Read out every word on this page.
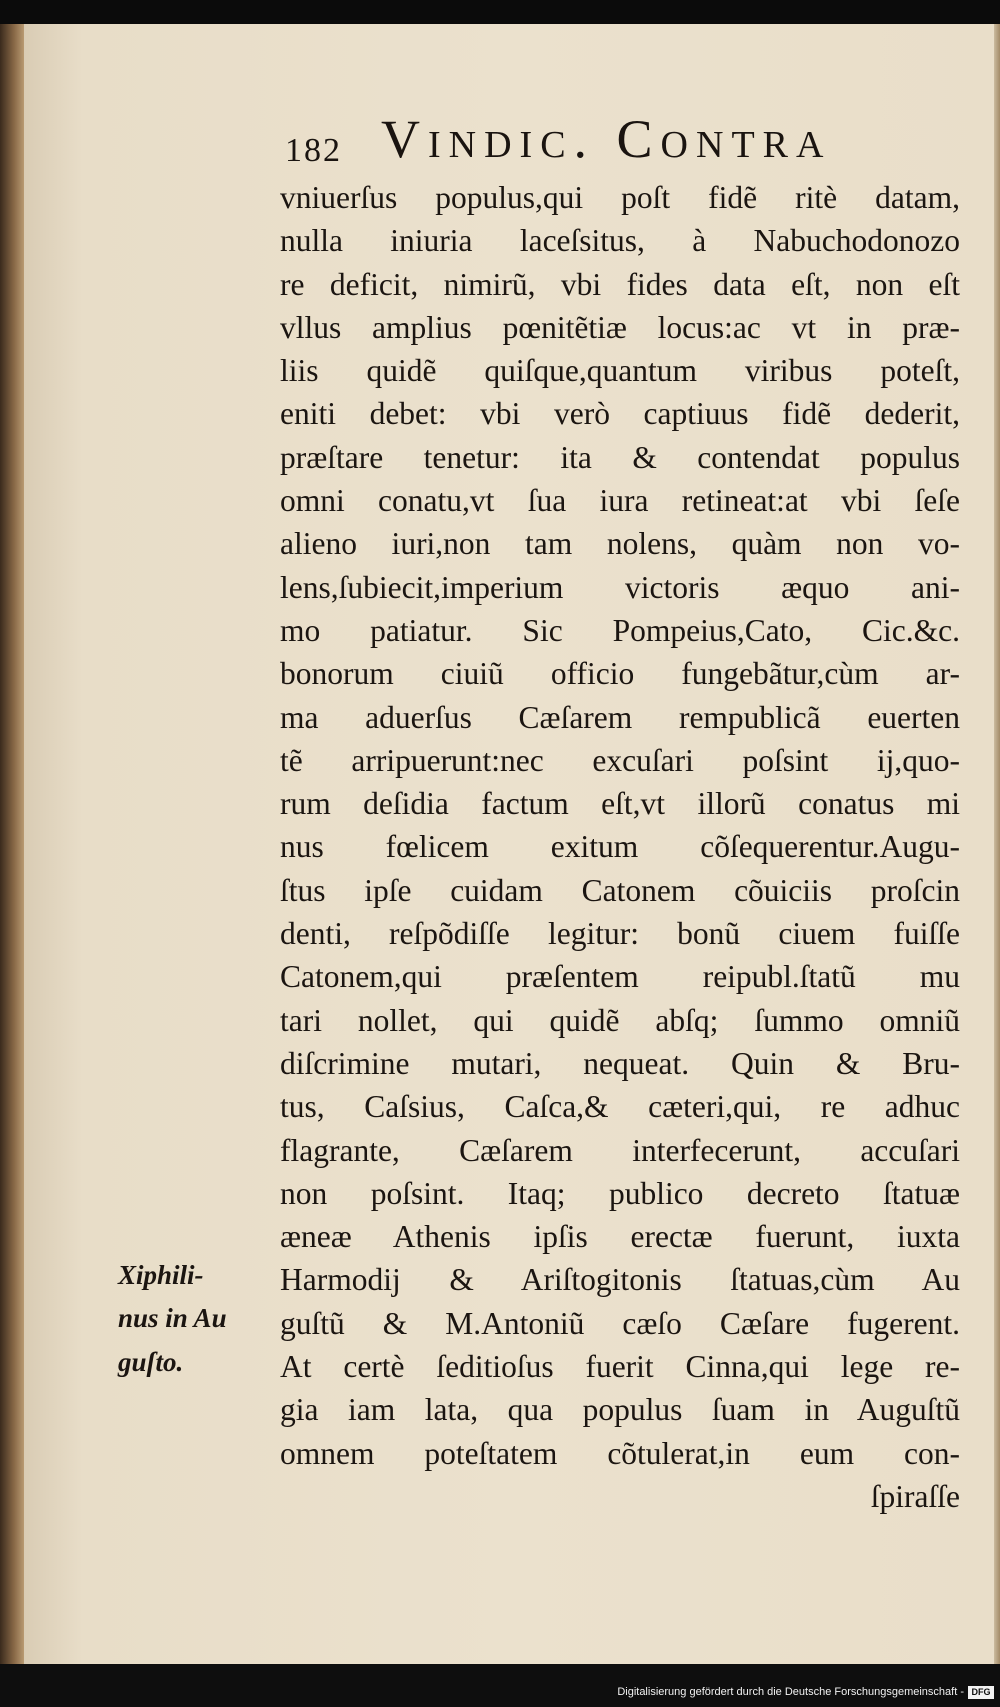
182 Vindic. Contra
vniuerſus populus,qui poſt fidẽ ritè datam,
nulla iniuria laceſsitus, à Nabuchodonozo
re deficit, nimirũ, vbi fides data eſt, non eſt
vllus amplius pœnitẽtiæ locus:ac vt in præ-
liis quidẽ quiſque,quantum viribus poteſt,
eniti debet: vbi verò captiuus fidẽ dederit,
præſtare tenetur: ita & contendat populus
omni conatu,vt ſua iura retineat:at vbi ſeſe
alieno iuri,non tam nolens, quàm non vo-
lens,ſubiecit,imperium victoris æquo ani-
mo patiatur. Sic Pompeius,Cato, Cic.&c.
bonorum ciuiũ officio fungebãtur,cùm ar-
ma aduerſus Cæſarem rempublicã euerten
tẽ arripuerunt:nec excuſari poſsint ij,quo-
rum deſidia factum eſt,vt illorũ conatus mi
nus fœlicem exitum cõſequerentur.Augu-
ſtus ipſe cuidam Catonem cõuiciis proſcin
denti, reſpõdiſſe legitur: bonũ ciuem fuiſſe
Catonem,qui præſentem reipubl.ſtatũ mu
tari nollet, qui quidẽ abſq; ſummo omniũ
diſcrimine mutari, nequeat. Quin & Bru-
tus, Caſsius, Caſca,& cæteri,qui, re adhuc
flagrante, Cæſarem interfecerunt, accuſari
non poſsint. Itaq; publico decreto ſtatuæ
æneæ Athenis ipſis erectæ fuerunt, iuxta
Harmodij & Ariſtogitonis ſtatuas,cùm Au
guſtũ & M.Antoniũ cæſo Cæſare fugerent.
At certè ſeditioſus fuerit Cinna,qui lege re-
gia iam lata, qua populus ſuam in Auguſtũ
omnem poteſtatem cõtulerat,in eum con-
ſpiraſſe
Xiphili-
nus in Au
guſto.
Digitalisierung gefördert durch die Deutsche Forschungsgemeinschaft - DFG
